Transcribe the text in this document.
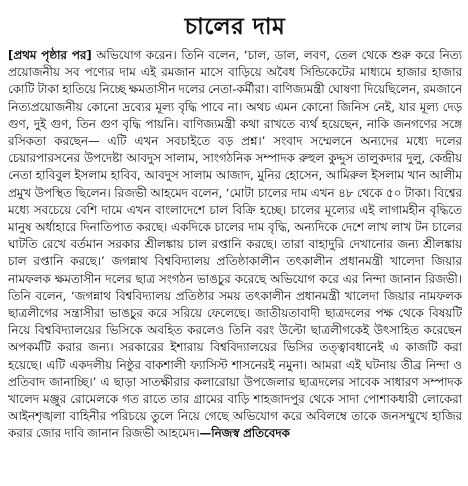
চালের দাম

[প্রথম পৃষ্ঠার পর] অভিযোগ করেন। তিনি বলেন, ‘চাল, ডাল, লবণ, তেল থেকে শুরু করে নিত্য প্রয়োজনীয় সব পণ্যের দাম এই রমজান মাসে বাড়িয়ে অবৈধ সিন্ডিকেটের মাধ্যমে হাজার হাজার কোটি টাকা হাতিয়ে নিচ্ছে ক্ষমতাসীন দলের নেতা-কর্মীরা। বাণিজ্যমন্ত্রী ঘোষণা দিয়েছিলেন, রমজানে নিত্যপ্রয়োজনীয় কোনো দ্রব্যের মূল্য বৃদ্ধি পাবে না। অথচ এমন কোনো জিনিস নেই, যার মূল্য দেড় গুণ, দুই গুণ, তিন গুণ বৃদ্ধি পায়নি। বাণিজ্যমন্ত্রী কথা রাখতে ব্যর্থ হয়েছেন, নাকি জনগণের সঙ্গে রসিকতা করছেন— এটি এখন সবচাইতে বড় প্রশ্ন।’ সংবাদ সম্মেলনে অন্যদের মধ্যে দলের চেয়ারপারসনের উপদেষ্টা আবদুস সালাম, সাংগঠনিক সম্পাদক রুহুল কুদ্দুস তালুকদার দুলু, কেন্দ্রীয় নেতা হাবিবুল ইসলাম হাবিব, আবদুস সালাম আজাদ, মুনির হোসেন, আমিরুল ইসলাম খান আলীম প্রমুখ উপস্থিত ছিলেন। রিজভী আহমেদ বলেন, ‘মোটা চালের দাম এখন ৪৮ থেকে ৫০ টাকা। বিশ্বের মধ্যে সবচেয়ে বেশি দামে এখন বাংলাদেশে চাল বিক্রি হচ্ছে। চালের মূল্যের এই লাগামহীন বৃদ্ধিতে মানুষ অর্ধাহারে দিনাতিপাত করছে। একদিকে চালের দাম বৃদ্ধি, অন্যদিকে দেশে লাখ লাখ টন চালের ঘাটতি রেখে বর্তমান সরকার শ্রীলঙ্কায় চাল রপ্তানি করছে। তারা বাহাদুরি দেখানোর জন্য শ্রীলঙ্কায় চাল রপ্তানি করছে।’ জগন্নাথ বিশ্ববিদ্যালয় প্রতিষ্ঠাকালীন তৎকালীন প্রধানমন্ত্রী খালেদা জিয়ার নামফলক ক্ষমতাসীন দলের ছাত্র সংগঠন ভাঙচুর করেছে অভিযোগ করে এর নিন্দা জানান রিজভী। তিনি বলেন, ‘জগন্নাথ বিশ্ববিদ্যালয় প্রতিষ্ঠার সময় তৎকালীন প্রধানমন্ত্রী খালেদা জিয়ার নামফলক ছাত্রলীগের সন্ত্রাসীরা ভাঙচুর করে সরিয়ে ফেলেছে। জাতীয়তাবাদী ছাত্রদলের পক্ষ থেকে বিষয়টি নিয়ে বিশ্ববিদ্যালয়ের ভিসিকে অবহিত করলেও তিনি বরং উল্টো ছাত্রলীগকেই উৎসাহিত করেছেন অপকর্মটি করার জন্য। সরকারের ইশারায় বিশ্ববিদ্যালয়ের ভিসির তত্ত্বাবধানেই এ কাজটি করা হয়েছে। এটি একদলীয় নিষ্ঠুর বাকশালী ফ্যাসিস্ট শাসনেরই নমুনা। আমরা এই ঘটনায় তীব্র নিন্দা ও প্রতিবাদ জানাচ্ছি।’ এ ছাড়া সাতক্ষীরার কলারোয়া উপজেলার ছাত্রদলের সাবেক সাধারণ সম্পাদক খালেদ মঞ্জুর রোমেলকে গত রাতে তার গ্রামের বাড়ি শাহজাদপুর থেকে সাদা পোশাকধারী লোকেরা আইনশৃঙ্খলা বাহিনীর পরিচয়ে তুলে নিয়ে গেছে অভিযোগ করে অবিলম্বে তাকে জনসম্মুখে হাজির করার জোর দাবি জানান রিজভী আহমেদ।—নিজস্ব প্রতিবেদক
